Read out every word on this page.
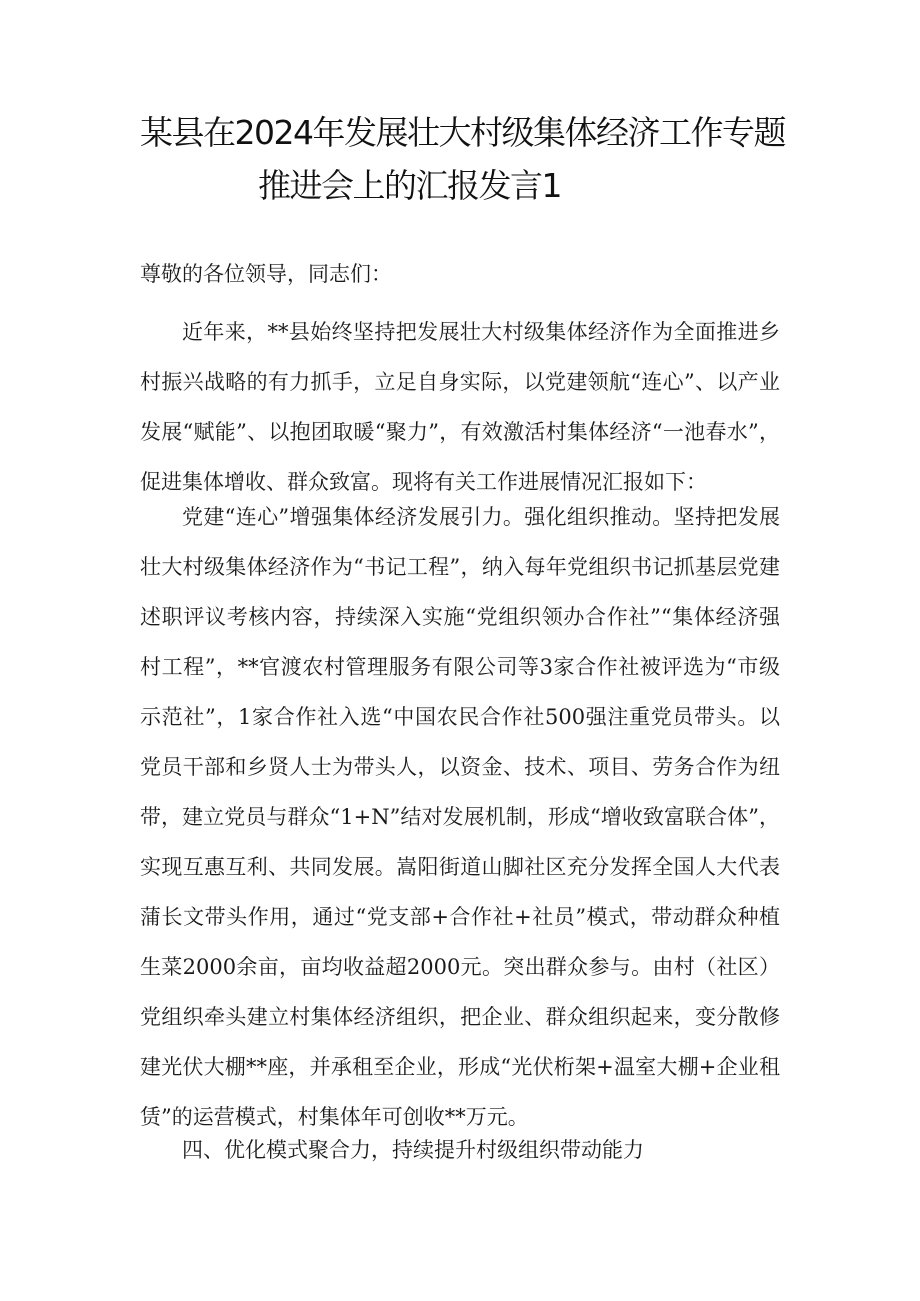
某县在2024年发展壮大村级集体经济工作专题
推进会上的汇报发言1
尊敬的各位领导，同志们：

近年来，**县始终坚持把发展壮大村级集体经济作为全面推进乡村振兴战略的有力抓手，立足自身实际，以党建领航“连心”、以产业发展“赋能”、以抱团取暖“聚力”，有效激活村集体经济“一池春水”，促进集体增收、群众致富。现将有关工作进展情况汇报如下：

党建“连心”增强集体经济发展引力。强化组织推动。坚持把发展壮大村级集体经济作为“书记工程”，纳入每年党组织书记抓基层党建述职评议考核内容，持续深入实施“党组织领办合作社”“集体经济强村工程”，**官渡农村管理服务有限公司等3家合作社被评选为“市级示范社”，1家合作社入选“中国农民合作社500强注重党员带头。以党员干部和乡贤人士为带头人，以资金、技术、项目、劳务合作为纽带，建立党员与群众“1+N”结对发展机制，形成“增收致富联合体”，实现互惠互利、共同发展。嵩阳街道山脚社区充分发挥全国人大代表蒲长文带头作用，通过“党支部+合作社+社员”模式，带动群众种植生菜2000余亩，亩均收益超2000元。突出群众参与。由村（社区）党组织牵头建立村集体经济组织，把企业、群众组织起来，变分散修建光伏大棚**座，并承租至企业，形成“光伏桁架+温室大棚+企业租赁”的运营模式，村集体年可创收**万元。

四、优化模式聚合力，持续提升村级组织带动能力
